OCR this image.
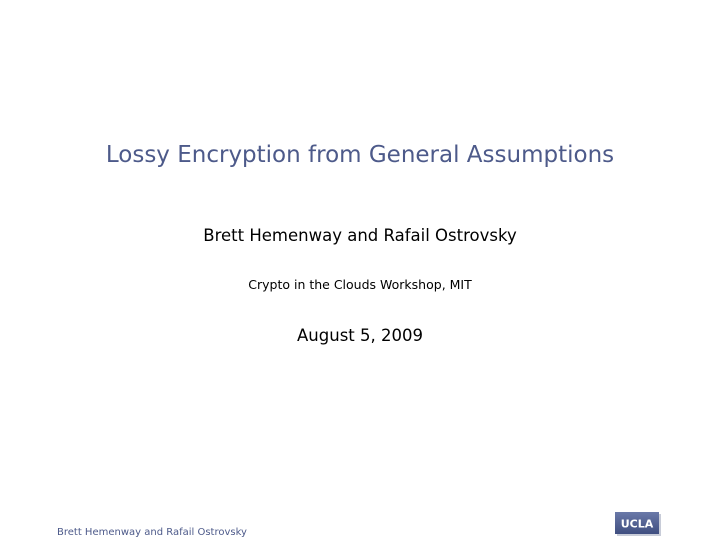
Lossy Encryption from General Assumptions
Brett Hemenway and Rafail Ostrovsky
Crypto in the Clouds Workshop, MIT
August 5, 2009
Brett Hemenway and Rafail Ostrovsky
UCLA
